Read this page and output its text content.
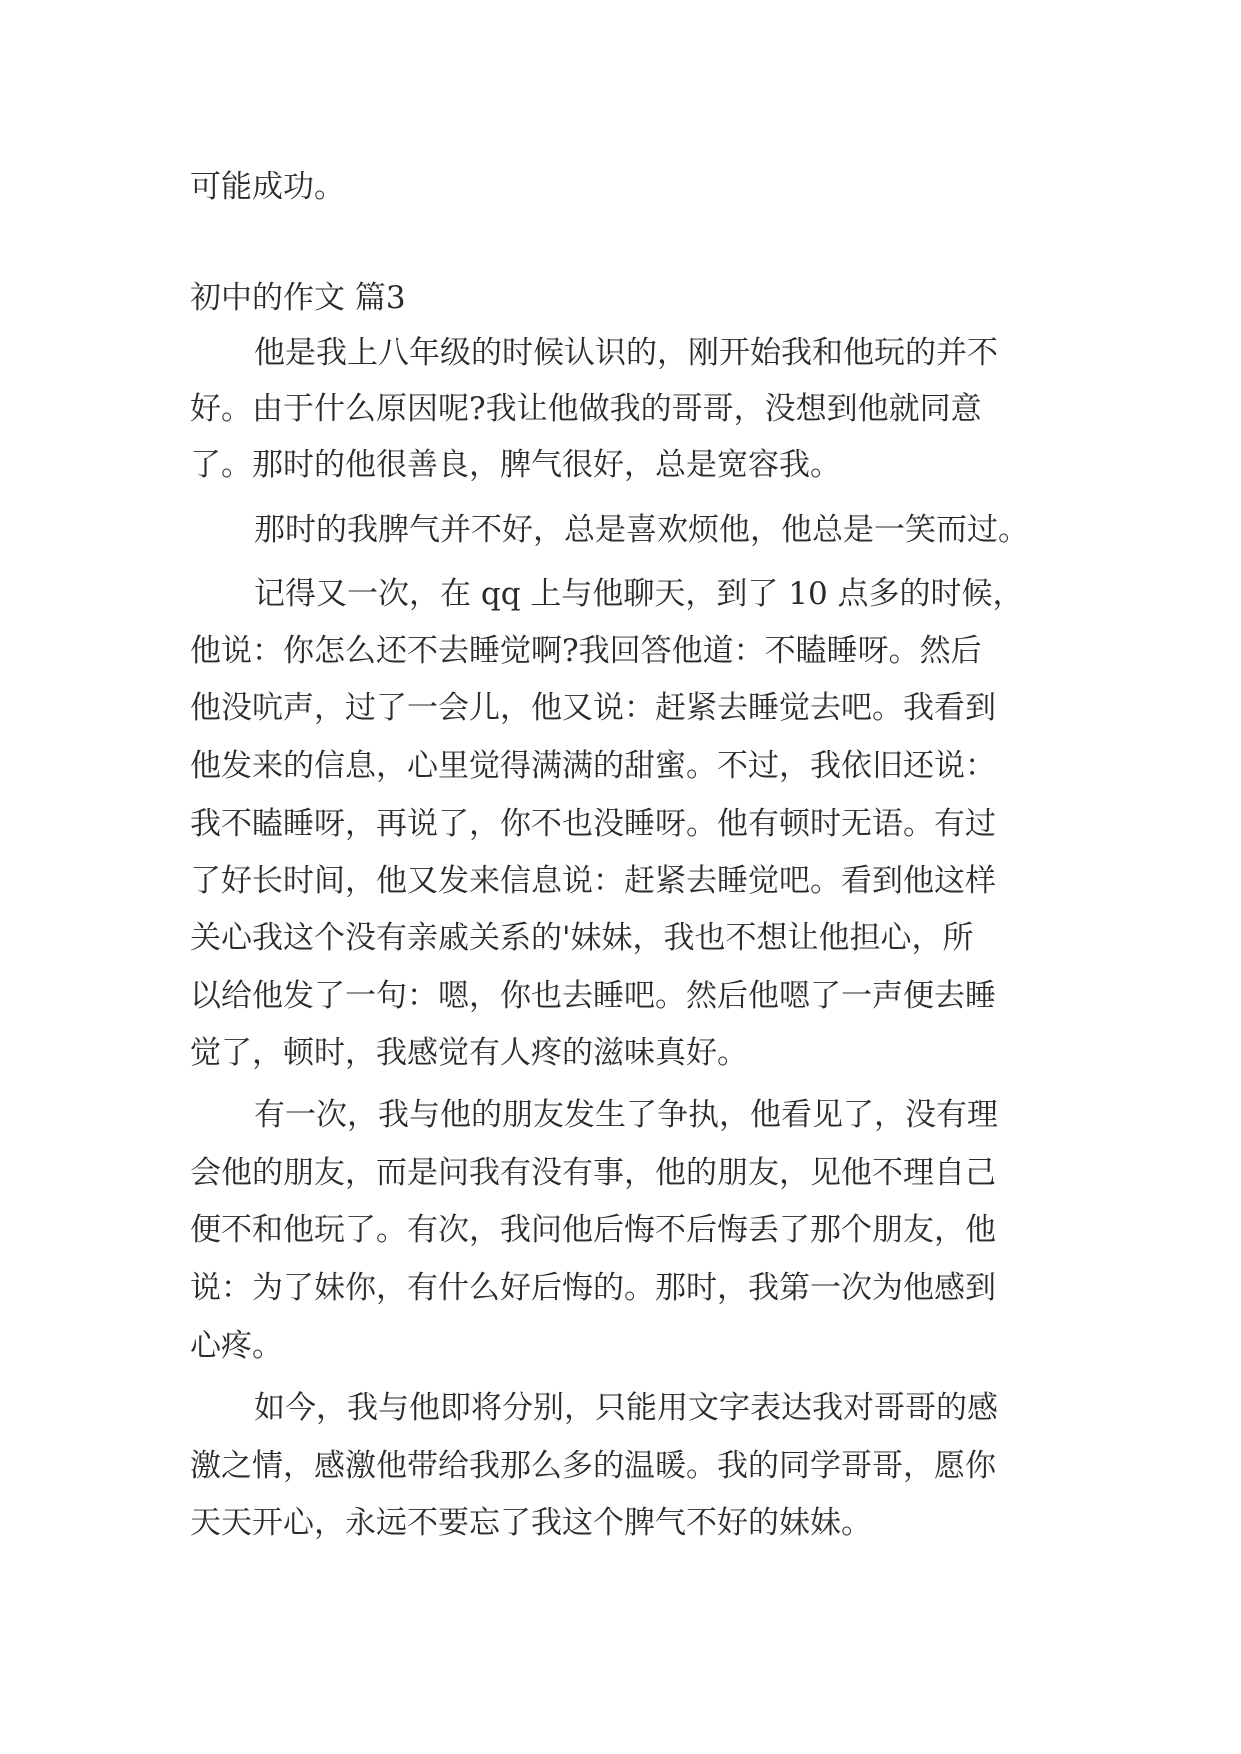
可能成功。
初中的作文 篇3
他是我上八年级的时候认识的，刚开始我和他玩的并不
好。由于什么原因呢?我让他做我的哥哥，没想到他就同意
了。那时的他很善良，脾气很好，总是宽容我。
那时的我脾气并不好，总是喜欢烦他，他总是一笑而过。
记得又一次，在 qq 上与他聊天，到了 10 点多的时候，
他说：你怎么还不去睡觉啊?我回答他道：不瞌睡呀。然后
他没吭声，过了一会儿，他又说：赶紧去睡觉去吧。我看到
他发来的信息，心里觉得满满的甜蜜。不过，我依旧还说：
我不瞌睡呀，再说了，你不也没睡呀。他有顿时无语。有过
了好长时间，他又发来信息说：赶紧去睡觉吧。看到他这样
关心我这个没有亲戚关系的'妹妹，我也不想让他担心，所
以给他发了一句：嗯，你也去睡吧。然后他嗯了一声便去睡
觉了，顿时，我感觉有人疼的滋味真好。
有一次，我与他的朋友发生了争执，他看见了，没有理
会他的朋友，而是问我有没有事，他的朋友，见他不理自己
便不和他玩了。有次，我问他后悔不后悔丢了那个朋友，他
说：为了妹你，有什么好后悔的。那时，我第一次为他感到
心疼。
如今，我与他即将分别，只能用文字表达我对哥哥的感
激之情，感激他带给我那么多的温暖。我的同学哥哥，愿你
天天开心，永远不要忘了我这个脾气不好的妹妹。
